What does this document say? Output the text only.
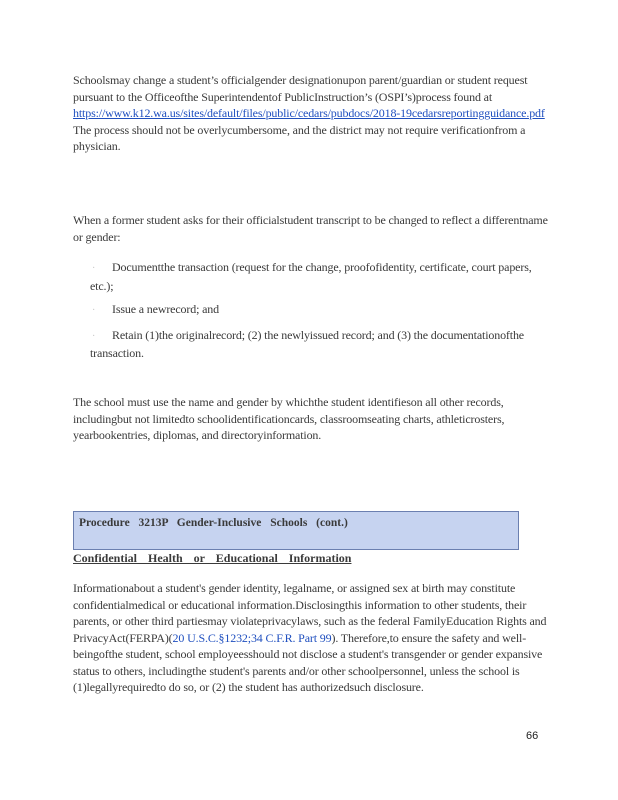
Schoolsmay change a student’s officialgender designationupon parent/guardian or student request pursuant to the Officeofthe Superintendentof PublicInstruction’s (OSPI’s)process found at
https://www.k12.wa.us/sites/default/files/public/cedars/pubdocs/2018-19cedarsreportingguidance.pdf The process should not be overlycumbersome, and the district may not require verificationfrom a physician.
When a former student asks for their officialstudent transcript to be changed to reflect a differentname or gender:
· Documentthe transaction (request for the change, proofofidentity, certificate, court papers, etc.);
· Issue a newrecord; and
· Retain (1)the originalrecord; (2) the newlyissued record; and (3) the documentationofthe transaction.
The school must use the name and gender by whichthe student identifieson all other records, includingbut not limitedto schoolidentificationcards, classroomseating charts, athleticrosters, yearbookentries, diplomas, and directoryinformation.
Procedure 3213P Gender-Inclusive Schools (cont.)
Confidential Health or Educational Information
Informationabout a student's gender identity, legalname, or assigned sex at birth may constitute confidentialmedical or educational information.Disclosingthis information to other students, their parents, or other third partiesmay violateprivacylaws, such as the federal FamilyEducation Rights and PrivacyAct(FERPA)(20 U.S.C.§1232;34 C.F.R. Part 99). Therefore,to ensure the safety and well-beingofthe student, school employeesshould not disclose a student's transgender or gender expansive status to others, includingthe student's parents and/or other schoolpersonnel, unless the school is (1)legallyrequiredto do so, or (2) the student has authorizedsuch disclosure.
66
